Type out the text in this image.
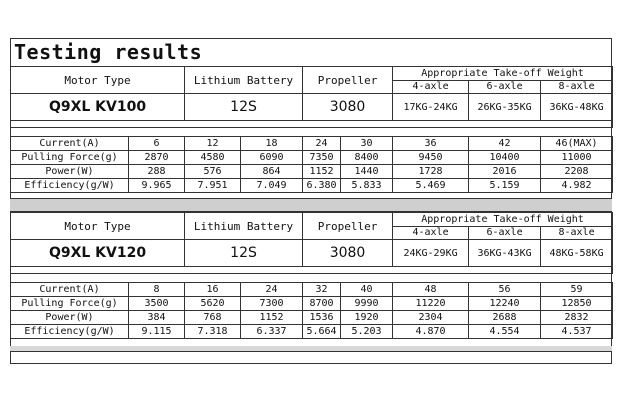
Testing results
Motor Type	Lithium Battery	Propeller	Appropriate Take-off Weight		
			4-axle	6-axle	8-axle
Q9XL KV100	12S	3080	17KG-24KG	26KG-35KG	36KG-48KG

Current(A)	6	12	18	24	30	36	42	46(MAX)
Pulling Force(g)	2870	4580	6090	7350	8400	9450	10400	11000
Power(W)	288	576	864	1152	1440	1728	2016	2208
Efficiency(g/W)	9.965	7.951	7.049	6.380	5.833	5.469	5.159	4.982
Motor Type	Lithium Battery	Propeller	Appropriate Take-off Weight		
			4-axle	6-axle	8-axle
Q9XL KV120	12S	3080	24KG-29KG	36KG-43KG	48KG-58KG

Current(A)	8	16	24	32	40	48	56	59
Pulling Force(g)	3500	5620	7300	8700	9990	11220	12240	12850
Power(W)	384	768	1152	1536	1920	2304	2688	2832
Efficiency(g/W)	9.115	7.318	6.337	5.664	5.203	4.870	4.554	4.537
